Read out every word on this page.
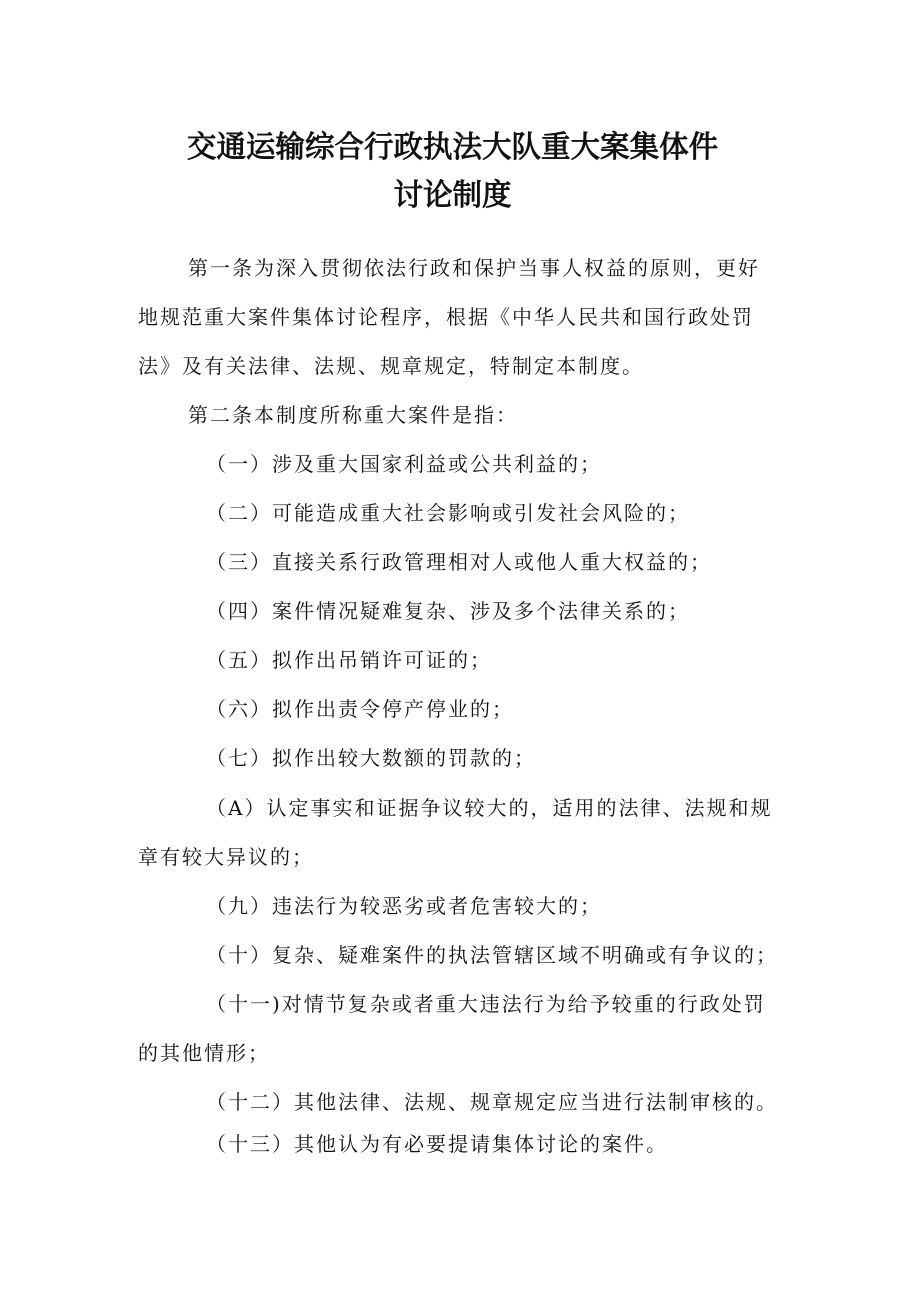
交通运输综合行政执法大队重大案集体件
讨论制度
第一条为深入贯彻依法行政和保护当事人权益的原则，更好
地规范重大案件集体讨论程序，根据《中华人民共和国行政处罚
法》及有关法律、法规、规章规定，特制定本制度。
第二条本制度所称重大案件是指：
（一）涉及重大国家利益或公共利益的；
（二）可能造成重大社会影响或引发社会风险的；
（三）直接关系行政管理相对人或他人重大权益的；
（四）案件情况疑难复杂、涉及多个法律关系的；
（五）拟作出吊销许可证的；
（六）拟作出责令停产停业的；
（七）拟作出较大数额的罚款的；
（A）认定事实和证据争议较大的，适用的法律、法规和规
章有较大异议的；
（九）违法行为较恶劣或者危害较大的；
（十）复杂、疑难案件的执法管辖区域不明确或有争议的；
（十一)对情节复杂或者重大违法行为给予较重的行政处罚
的其他情形；
（十二）其他法律、法规、规章规定应当进行法制审核的。
（十三）其他认为有必要提请集体讨论的案件。
